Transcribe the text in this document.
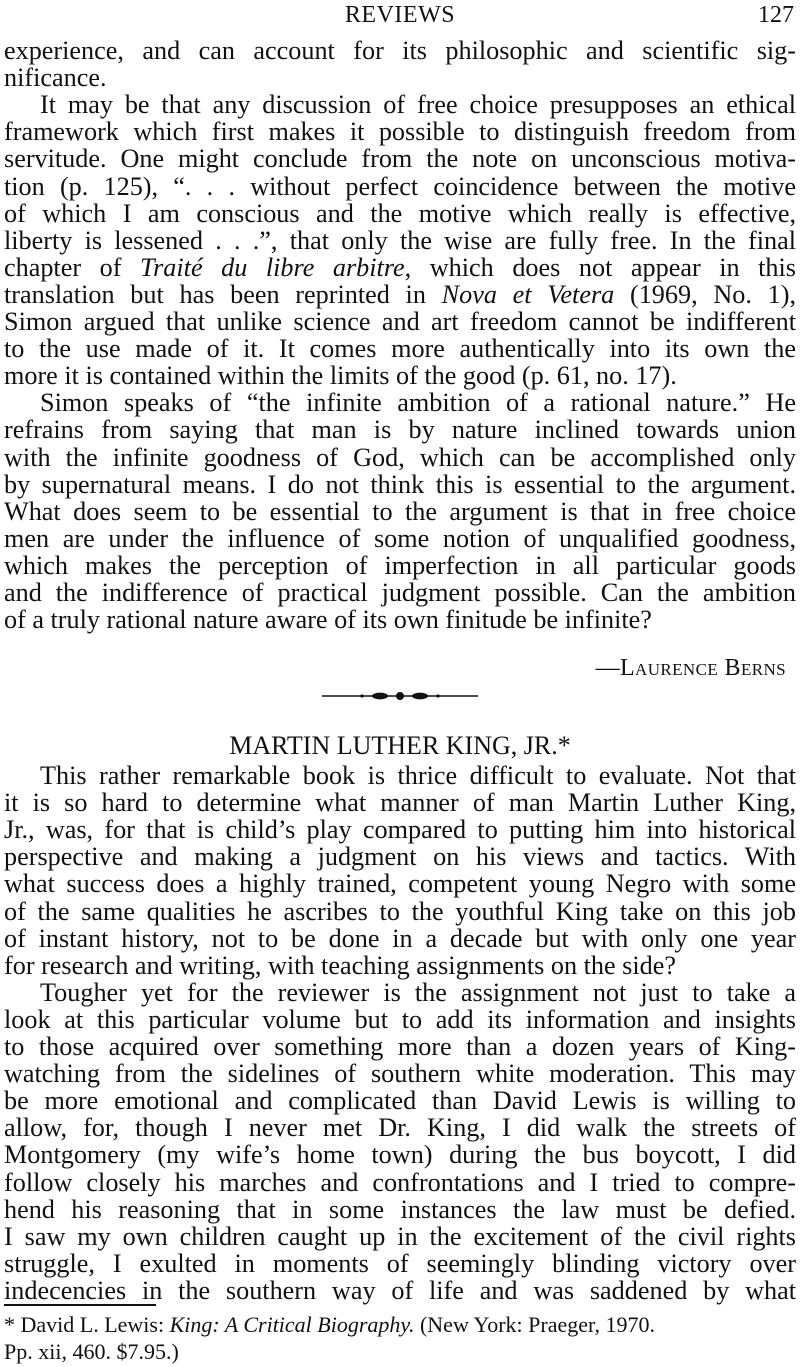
REVIEWS	127
experience, and can account for its philosophic and scientific sig-
nificance.
It may be that any discussion of free choice presupposes an ethical
framework which first makes it possible to distinguish freedom from
servitude. One might conclude from the note on unconscious motiva-
tion (p. 125), “. . . without perfect coincidence between the motive
of which I am conscious and the motive which really is effective,
liberty is lessened . . .”, that only the wise are fully free. In the final
chapter of Traité du libre arbitre, which does not appear in this
translation but has been reprinted in Nova et Vetera (1969, No. 1),
Simon argued that unlike science and art freedom cannot be indifferent
to the use made of it. It comes more authentically into its own the
more it is contained within the limits of the good (p. 61, no. 17).
Simon speaks of “the infinite ambition of a rational nature.” He
refrains from saying that man is by nature inclined towards union
with the infinite goodness of God, which can be accomplished only
by supernatural means. I do not think this is essential to the argument.
What does seem to be essential to the argument is that in free choice
men are under the influence of some notion of unqualified goodness,
which makes the perception of imperfection in all particular goods
and the indifference of practical judgment possible. Can the ambition
of a truly rational nature aware of its own finitude be infinite?
—Laurence Berns
MARTIN LUTHER KING, JR.*
This rather remarkable book is thrice difficult to evaluate. Not that
it is so hard to determine what manner of man Martin Luther King,
Jr., was, for that is child’s play compared to putting him into historical
perspective and making a judgment on his views and tactics. With
what success does a highly trained, competent young Negro with some
of the same qualities he ascribes to the youthful King take on this job
of instant history, not to be done in a decade but with only one year
for research and writing, with teaching assignments on the side?
Tougher yet for the reviewer is the assignment not just to take a
look at this particular volume but to add its information and insights
to those acquired over something more than a dozen years of King-
watching from the sidelines of southern white moderation. This may
be more emotional and complicated than David Lewis is willing to
allow, for, though I never met Dr. King, I did walk the streets of
Montgomery (my wife’s home town) during the bus boycott, I did
follow closely his marches and confrontations and I tried to compre-
hend his reasoning that in some instances the law must be defied.
I saw my own children caught up in the excitement of the civil rights
struggle, I exulted in moments of seemingly blinding victory over
indecencies in the southern way of life and was saddened by what
* David L. Lewis: King: A Critical Biography. (New York: Praeger, 1970.
Pp. xii, 460. $7.95.)
